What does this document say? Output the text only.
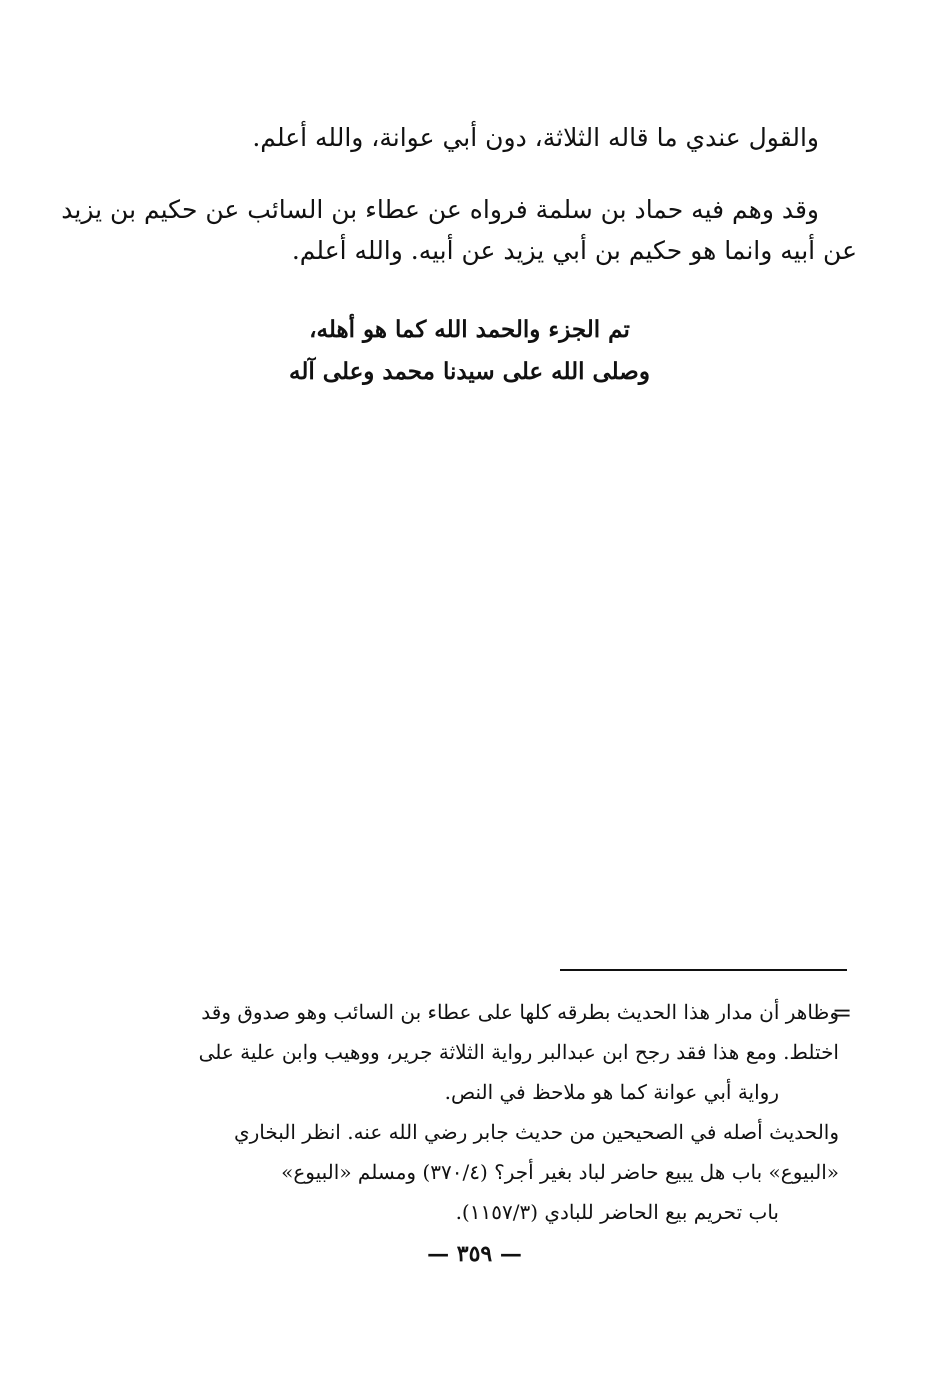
والقول عندي ما قاله الثلاثة، دون أبي عوانة، والله أعلم.
وقد وهم فيه حماد بن سلمة فرواه عن عطاء بن السائب عن حكيم بن يزيد
عن أبيه وانما هو حكيم بن أبي يزيد عن أبيه. والله أعلم.
تم الجزء والحمد الله كما هو أهله،
وصلى الله على سيدنا محمد وعلى آله
=
وظاهر أن مدار هذا الحديث بطرقه كلها على عطاء بن السائب وهو صدوق وقد
اختلط. ومع هذا فقد رجح ابن عبدالبر رواية الثلاثة جرير، ووهيب وابن علية على
رواية أبي عوانة كما هو ملاحظ في النص.
والحديث أصله في الصحيحين من حديث جابر رضي الله عنه. انظر البخاري
«البيوع» باب هل يبيع حاضر لباد بغير أجر؟ (٣٧٠/٤) ومسلم «البيوع»
باب تحريم بيع الحاضر للبادي (١١٥٧/٣).
— ٣٥٩ —
